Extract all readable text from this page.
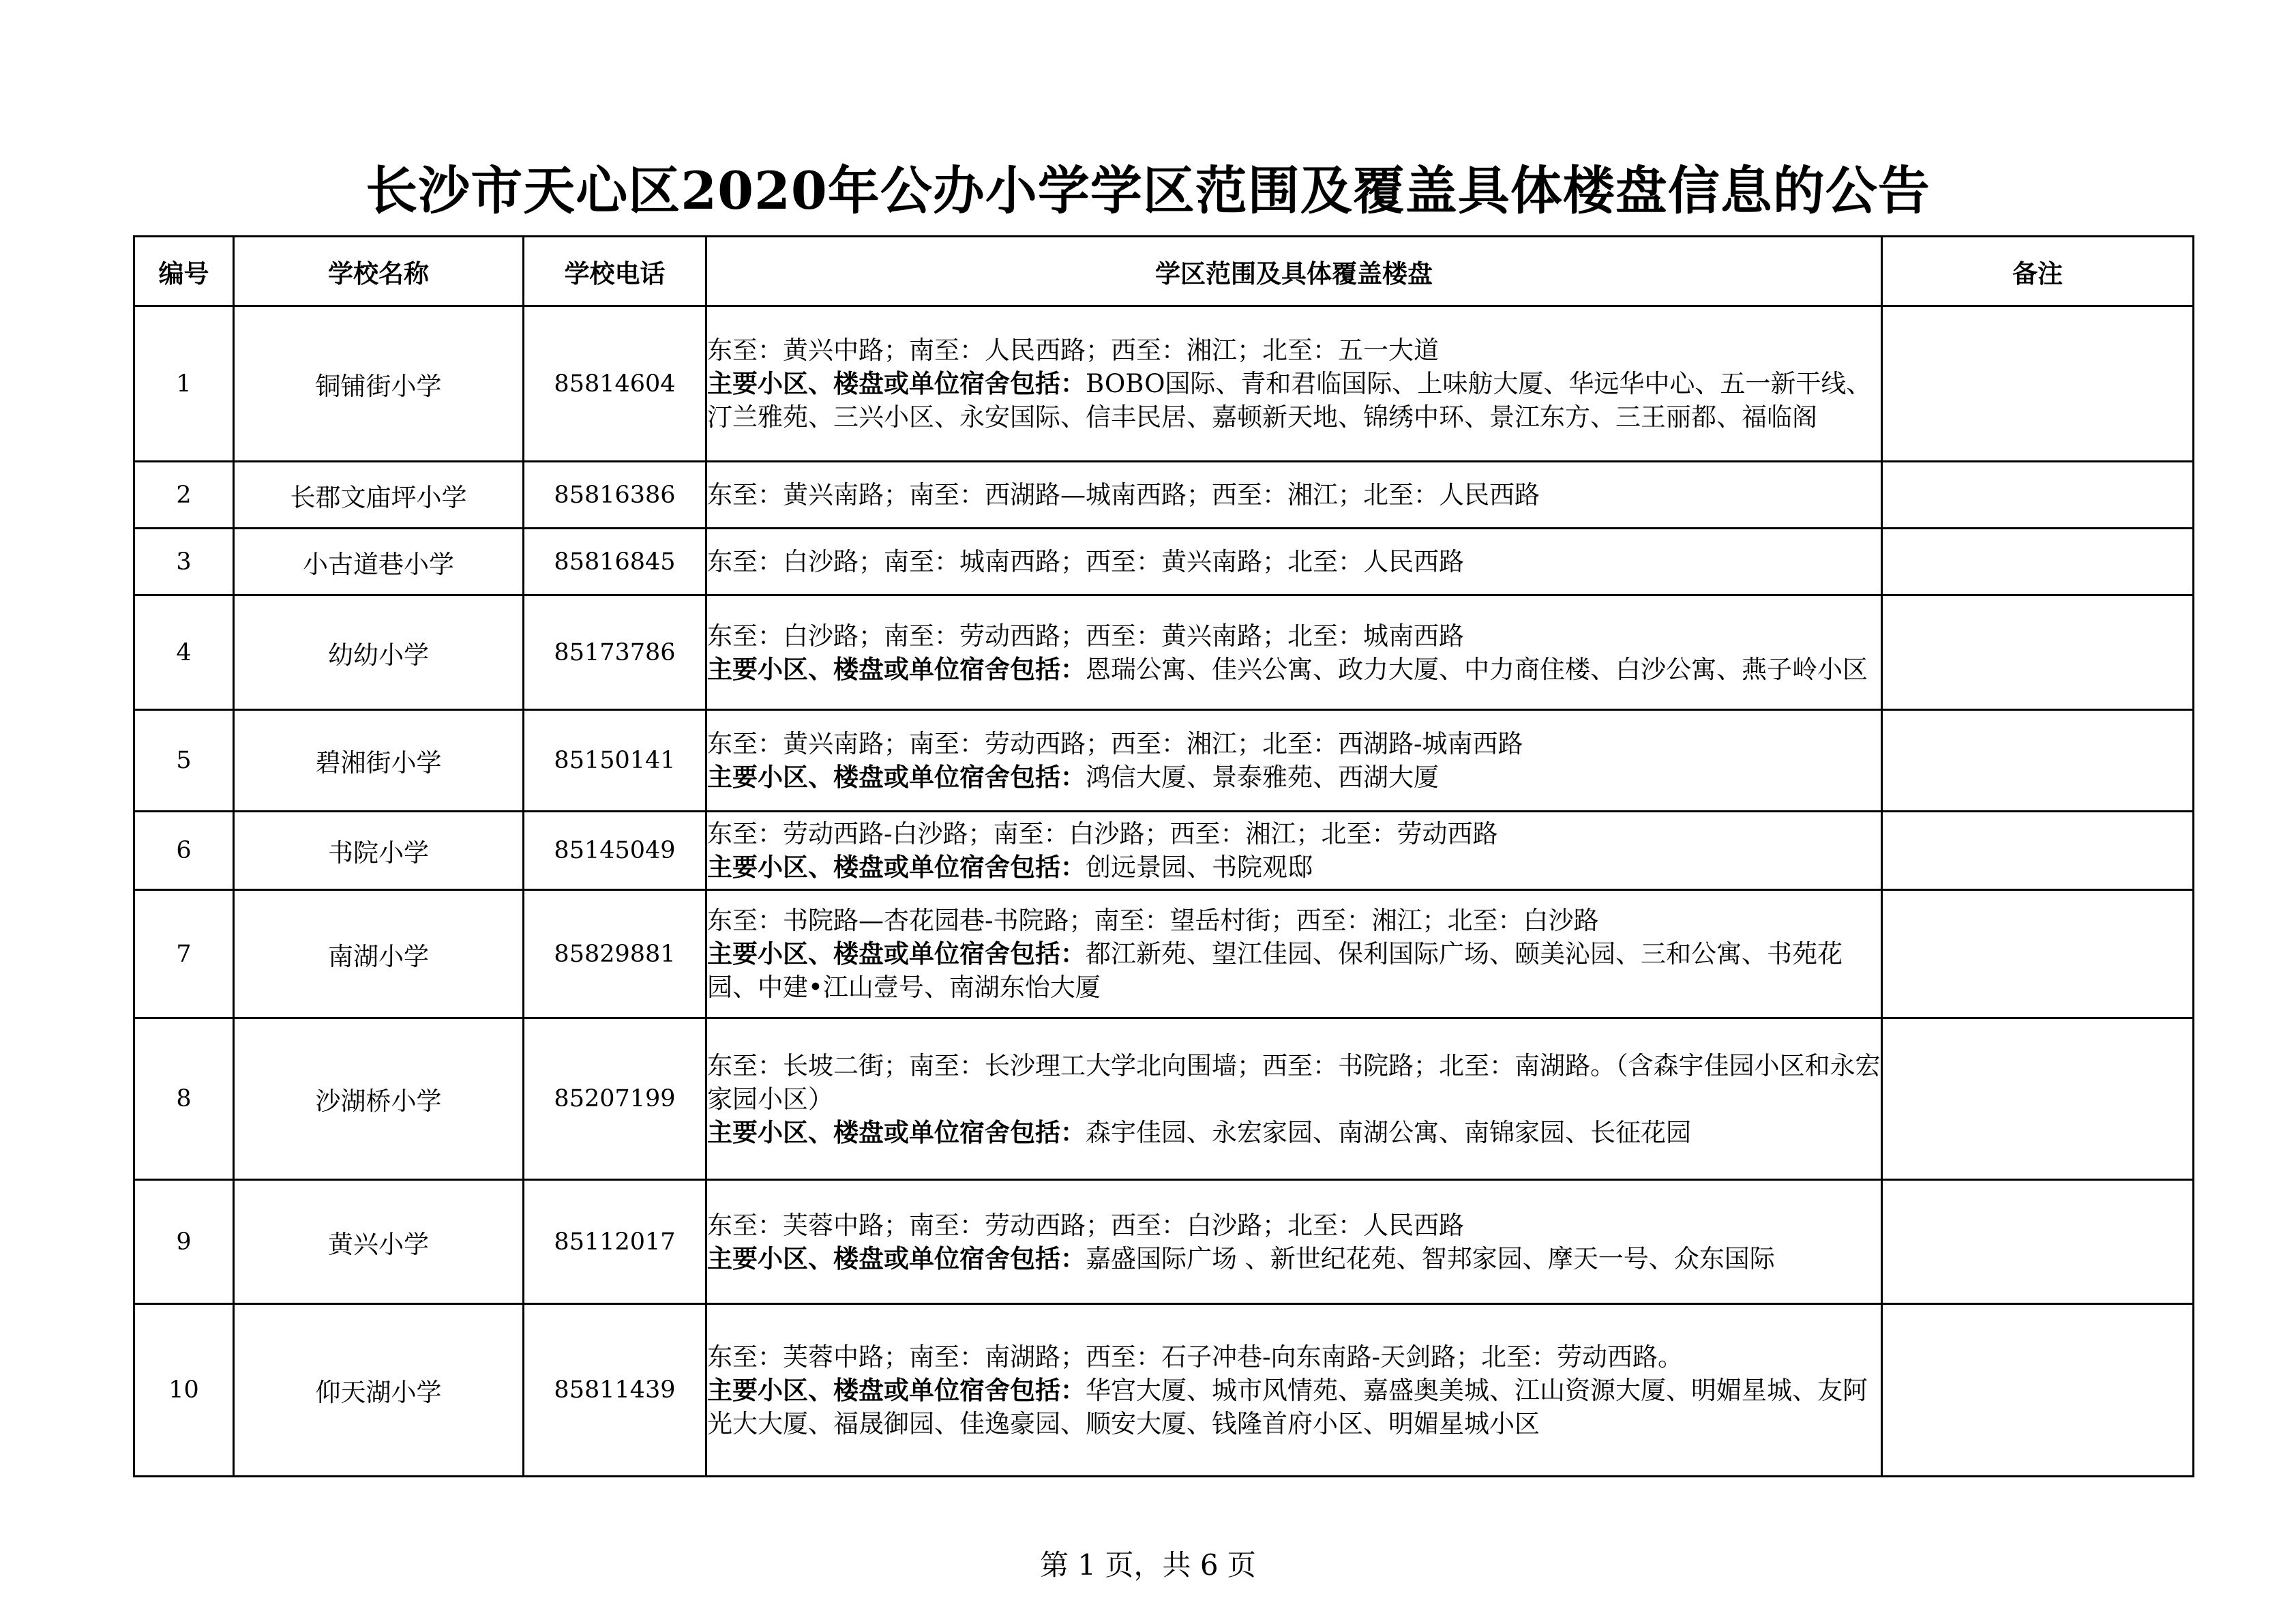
长沙市天心区2020年公办小学学区范围及覆盖具体楼盘信息的公告
编号	学校名称	学校电话	学区范围及具体覆盖楼盘	备注
1	铜铺街小学	85814604	东至：黄兴中路；南至：人民西路；西至：湘江；北至：五一大道
主要小区、楼盘或单位宿舍包括：BOBO国际、青和君临国际、上味舫大厦、华远华中心、五一新干线、汀兰雅苑、三兴小区、永安国际、信丰民居、嘉顿新天地、锦绣中环、景江东方、三王丽都、福临阁	

2	长郡文庙坪小学	85816386	东至：黄兴南路；南至：西湖路—城南西路；西至：湘江；北至：人民西路	

3	小古道巷小学	85816845	东至：白沙路；南至：城南西路；西至：黄兴南路；北至：人民西路	

4	幼幼小学	85173786	东至：白沙路；南至：劳动西路；西至：黄兴南路；北至：城南西路
主要小区、楼盘或单位宿舍包括：恩瑞公寓、佳兴公寓、政力大厦、中力商住楼、白沙公寓、燕子岭小区	

5	碧湘街小学	85150141	东至：黄兴南路；南至：劳动西路；西至：湘江；北至：西湖路-城南西路
主要小区、楼盘或单位宿舍包括：鸿信大厦、景泰雅苑、西湖大厦	

6	书院小学	85145049	东至：劳动西路-白沙路；南至：白沙路；西至：湘江；北至：劳动西路
主要小区、楼盘或单位宿舍包括：创远景园、书院观邸	

7	南湖小学	85829881	东至：书院路—杏花园巷-书院路；南至：望岳村街；西至：湘江；北至：白沙路
主要小区、楼盘或单位宿舍包括：都江新苑、望江佳园、保利国际广场、颐美沁园、三和公寓、书苑花园、中建•江山壹号、南湖东怡大厦	

8	沙湖桥小学	85207199	东至：长坡二街；南至：长沙理工大学北向围墙；西至：书院路；北至：南湖路。（含森宇佳园小区和永宏家园小区）
主要小区、楼盘或单位宿舍包括：森宇佳园、永宏家园、南湖公寓、南锦家园、长征花园	

9	黄兴小学	85112017	东至：芙蓉中路；南至：劳动西路；西至：白沙路；北至：人民西路
主要小区、楼盘或单位宿舍包括：嘉盛国际广场 、新世纪花苑、智邦家园、摩天一号、众东国际	

10	仰天湖小学	85811439	东至：芙蓉中路；南至：南湖路；西至：石子冲巷-向东南路-天剑路；北至：劳动西路。
主要小区、楼盘或单位宿舍包括：华宫大厦、城市风情苑、嘉盛奥美城、江山资源大厦、明媚星城、友阿光大大厦、福晟御园、佳逸豪园、顺安大厦、钱隆首府小区、明媚星城小区	

第 1 页，共 6 页
